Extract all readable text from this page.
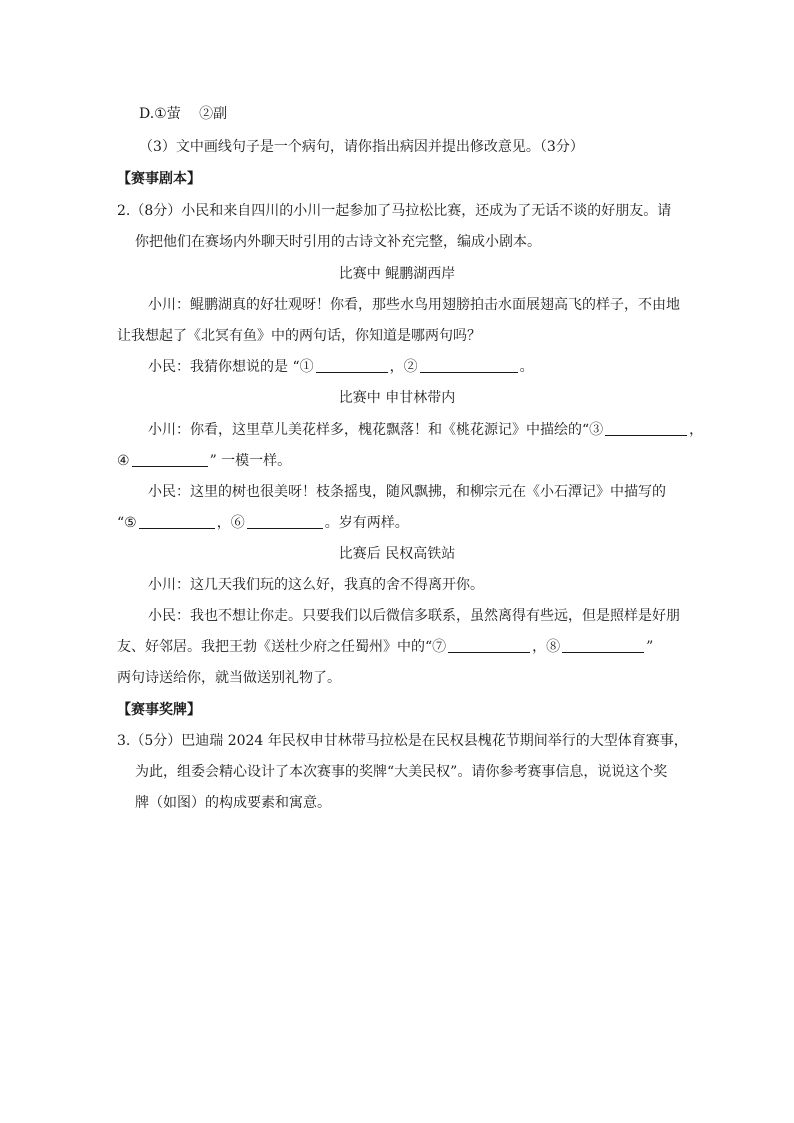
D.①萤　 ②副
（3）文中画线句子是一个病句，请你指出病因并提出修改意见。（3分）
【赛事剧本】
2.（8分）小民和来自四川的小川一起参加了马拉松比赛，还成为了无话不谈的好朋友。请
你把他们在赛场内外聊天时引用的古诗文补充完整，编成小剧本。
比赛中 鲲鹏湖西岸
小川：鲲鹏湖真的好壮观呀！你看，那些水鸟用翅膀拍击水面展翅高飞的样子，不由地
让我想起了《北冥有鱼》中的两句话，你知道是哪两句吗？
小民：我猜你想说的是 “①	，②	。
比赛中 申甘林带内
小川：你看，这里草儿美花样多，槐花飘落！和《桃花源记》中描绘的“③	，
④	” 一模一样。
小民：这里的树也很美呀！枝条摇曳，随风飘拂，和柳宗元在《小石潭记》中描写的
“⑤	，⑥	。岁有两样。
比赛后 民权高铁站
小川：这几天我们玩的这么好，我真的舍不得离开你。
小民：我也不想让你走。只要我们以后微信多联系，虽然离得有些远，但是照样是好朋
友、好邻居。我把王勃《送杜少府之任蜀州》中的“⑦	，⑧	”
两句诗送给你，就当做送别礼物了。
【赛事奖牌】
3.（5分）巴迪瑞 2024 年民权申甘林带马拉松是在民权县槐花节期间举行的大型体育赛事，
为此，组委会精心设计了本次赛事的奖牌“大美民权”。请你参考赛事信息，说说这个奖
牌（如图）的构成要素和寓意。
